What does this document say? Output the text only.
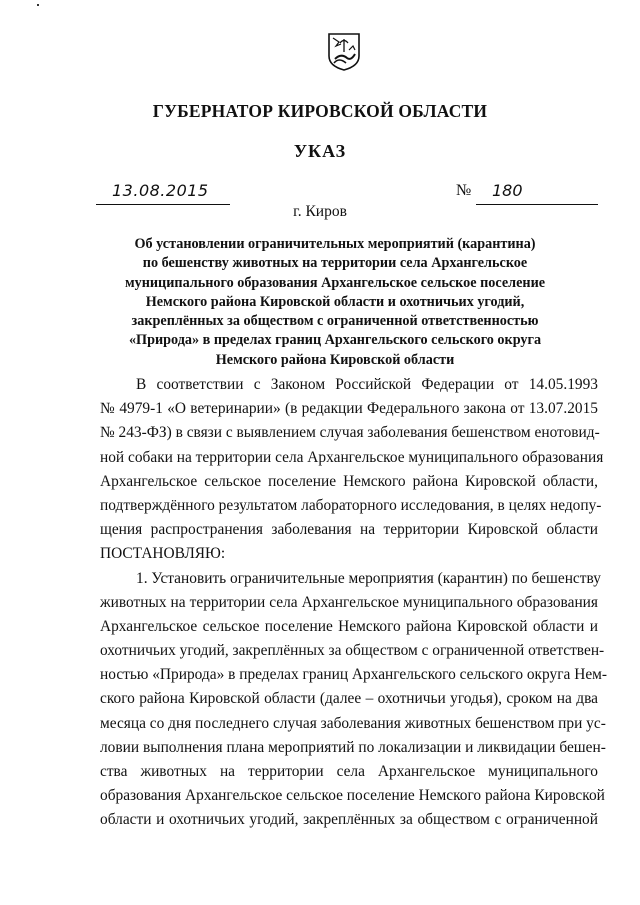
ГУБЕРНАТОР КИРОВСКОЙ ОБЛАСТИ
УКАЗ
13.08.2015	№ 180
г. Киров
Об установлении ограничительных мероприятий (карантина)
по бешенству животных на территории села Архангельское
муниципального образования Архангельское сельское поселение
Немского района Кировской области и охотничьих угодий,
закреплённых за обществом с ограниченной ответственностью
«Природа» в пределах границ Архангельского сельского округа
Немского района Кировской области
В соответствии с Законом Российской Федерации от 14.05.1993
№ 4979-1 «О ветеринарии» (в редакции Федерального закона от 13.07.2015
№ 243-ФЗ) в связи с выявлением случая заболевания бешенством енотовид-
ной собаки на территории села Архангельское муниципального образования
Архангельское сельское поселение Немского района Кировской области,
подтверждённого результатом лабораторного исследования, в целях недопу-
щения распространения заболевания на территории Кировской области
ПОСТАНОВЛЯЮ:
1. Установить ограничительные мероприятия (карантин) по бешенству
животных на территории села Архангельское муниципального образования
Архангельское сельское поселение Немского района Кировской области и
охотничьих угодий, закреплённых за обществом с ограниченной ответствен-
ностью «Природа» в пределах границ Архангельского сельского округа Нем-
ского района Кировской области (далее – охотничьи угодья), сроком на два
месяца со дня последнего случая заболевания животных бешенством при ус-
ловии выполнения плана мероприятий по локализации и ликвидации бешен-
ства животных на территории села Архангельское муниципального
образования Архангельское сельское поселение Немского района Кировской
области и охотничьих угодий, закреплённых за обществом с ограниченной
